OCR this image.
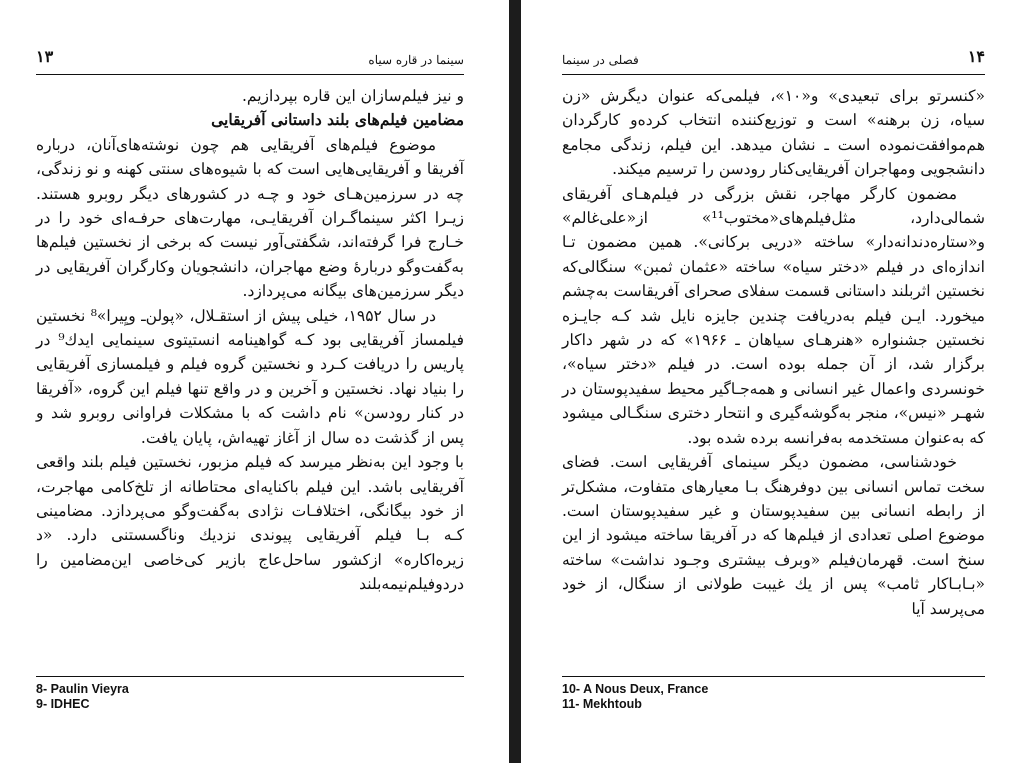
۱۳	سینما در قاره سیاه

و نیز فیلم‌سازان این قاره بپردازیم.

مضامین فیلم‌های بلند داستانی آفریقایی

موضوع فیلم‌های آفریقایی هم چون نوشته‌های‌آنان، درباره آفریقا و آفریقایی‌هایی است که با شیوه‌های سنتی کهنه و نو زندگی، چه در سرزمین‌هـای خود و چـه در کشورهای دیگر روبرو هستند. زیـرا اکثر سینماگـران آفریقایـی، مهارت‌های حرفـه‌ای خود را در خـارج فرا گرفته‌اند، شگفتی‌آور نیست که برخی از نخستین فیلم‌ها به‌گفت‌وگو دربارهٔ وضع مهاجران، دانشجویان وکارگران آفریقایی در دیگر سرزمین‌های بیگانه می‌پردازد.

در سال ۱۹۵۲، خیلی پیش از استقـلال، «پولن‌ـ ویِیرا»⁸ نخستین فیلمساز آفریقایی بود کـه گواهینامه انستیتوی سینمایی ایدك⁹ در پاریس را دریافت کـرد و نخستین گروه فیلم و فیلمسازی آفریقایی را بنیاد نهاد. نخستین و آخرین و در واقع تنها فیلم این گروه، «آفریقا در کنار رودسن» نام داشت که با مشکلات فراوانی روبرو شد و پس از گذشت ده سال از آغاز تهیه‌اش، پایان یافت.

با وجود این به‌نظر میرسد که فیلم مزبور، نخستین فیلم بلند واقعی آفریقایی باشد. این فیلم باکنایه‌ای محتاطانه از تلخ‌کامی مهاجرت، از خود بیگانگی، اختلافـات نژادی به‌گفت‌وگو می‌پردازد. مضامینی کـه بـا فیلم آفریقایی پیوندی نزدیك وناگسستنی دارد. «د زیره‌اکاره» ازکشور ساحل‌عاج بازیر کی‌خاصی این‌مضامین را دردوفیلم‌نیمه‌بلند

8- Paulin Vieyra
9- IDHEC
فصلی در سینما	۱۴

«کنسرتو برای تبعیدی» و«۱۰»، فیلمی‌که عنوان دیگرش «زن سیاه، زن برهنه» است و توزیع‌کننده انتخاب کرده‌و کارگردان هم‌موافقت‌نموده است ـ نشان میدهد. این فیلم، زندگی مجامع دانشجویی ومهاجران آفریقایی‌کنار رودسن را ترسیم میکند.

مضمون کارگر مهاجر، نقش بزرگی در فیلم‌هـای آفریقای شمالی‌دارد، مثل‌فیلم‌های«مختوب¹¹» از«علی‌غالم» و«ستاره‌دندانه‌دار» ساخته «دریی برکانی». همین مضمون تـا اندازه‌ای در فیلم «دختر سیاه» ساخته «عثمان ثمبن» سنگالی‌که نخستین اثربلند داستانی قسمت سفلای صحرای آفریقاست به‌چشم میخورد. ایـن فیلم به‌دریافت چندین جایزه نایل شد کـه جایـزه نخستین جشنواره «هنرهـای سیاهان ـ ۱۹۶۶» که در شهر داکار برگزار شد، از آن جمله بوده است. در فیلم «دختر سیاه»، خونسردی واعمال غیر انسانی و همه‌جـاگیر محیط سفیدپوستان در شهـر «نیس»، منجر به‌گوشه‌گیری و انتحار دختری سنگـالی میشود که به‌عنوان مستخدمه به‌فرانسه برده شده بود.

خودشناسی، مضمون دیگر سینمای آفریقایی است. فضای سخت تماس انسانی بین دوفرهنگ بـا معیارهای متفاوت، مشکل‌تر از رابطه انسانی بین سفیدپوستان و غیر سفیدپوستان است. موضوع اصلی تعدادی از فیلم‌ها که در آفریقا ساخته میشود از این سنخ است. قهرمان‌فیلم «وبرف بیشتری وجـود نداشت» ساخته «بـابـاکار ثامب» پس از یك غیبت طولانی از سنگال، از خود می‌پرسد آیا

10- A Nous Deux, France
11- Mekhtoub
